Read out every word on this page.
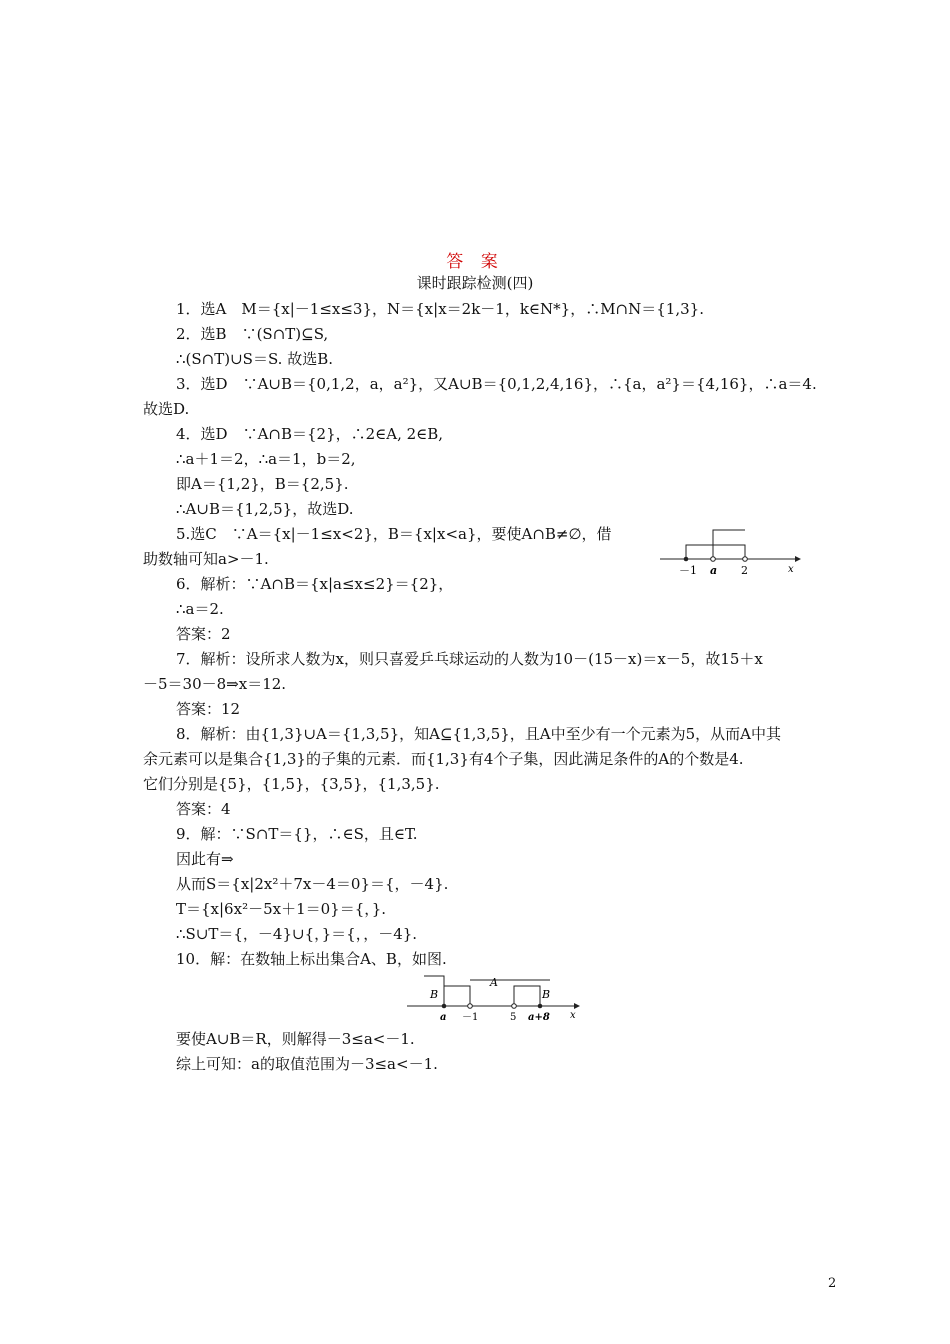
答 案
课时跟踪检测(四)
1．选A　M＝{x|－1≤x≤3}，N＝{x|x＝2k－1，k∈N*}，∴M∩N＝{1,3}.
2．选B　∵(S∩T)⊆S,
∴(S∩T)∪S＝S. 故选B.
3．选D　∵A∪B＝{0,1,2，a，a²}，又A∪B＝{0,1,2,4,16}，∴{a，a²}＝{4,16}，∴a＝4.
故选D.
4．选D　∵A∩B＝{2}，∴2∈A, 2∈B,
∴a＋1＝2，∴a＝1，b＝2,
即A＝{1,2}，B＝{2,5}.
∴A∪B＝{1,2,5}，故选D.
5.选C　∵A＝{x|－1≤x<2}，B＝{x|x<a}，要使A∩B≠∅，借
助数轴可知a>－1.
6．解析：∵A∩B＝{x|a≤x≤2}＝{2}，
∴a＝2.
答案：2
7．解析：设所求人数为x，则只喜爱乒乓球运动的人数为10－(15－x)＝x－5，故15＋x
－5＝30－8⇒x＝12.
答案：12
8．解析：由{1,3}∪A＝{1,3,5}，知A⊆{1,3,5}，且A中至少有一个元素为5，从而A中其
余元素可以是集合{1,3}的子集的元素．而{1,3}有4个子集，因此满足条件的A的个数是4.
它们分别是{5}，{1,5}，{3,5}，{1,3,5}.
答案：4
9．解：∵S∩T＝{}，∴∈S，且∈T.
因此有⇒
从而S＝{x|2x²＋7x－4＝0}＝{，－4}.
T＝{x|6x²－5x＋1＝0}＝{，}.
∴S∪T＝{，－4}∪{，}＝{，，－4}.
10．解：在数轴上标出集合A、B，如图.
要使A∪B＝R，则解得－3≤a<－1.
综上可知：a的取值范围为－3≤a<－1.
－1 a 2	x
B
A
B
a －1	5 a+8 x
2
